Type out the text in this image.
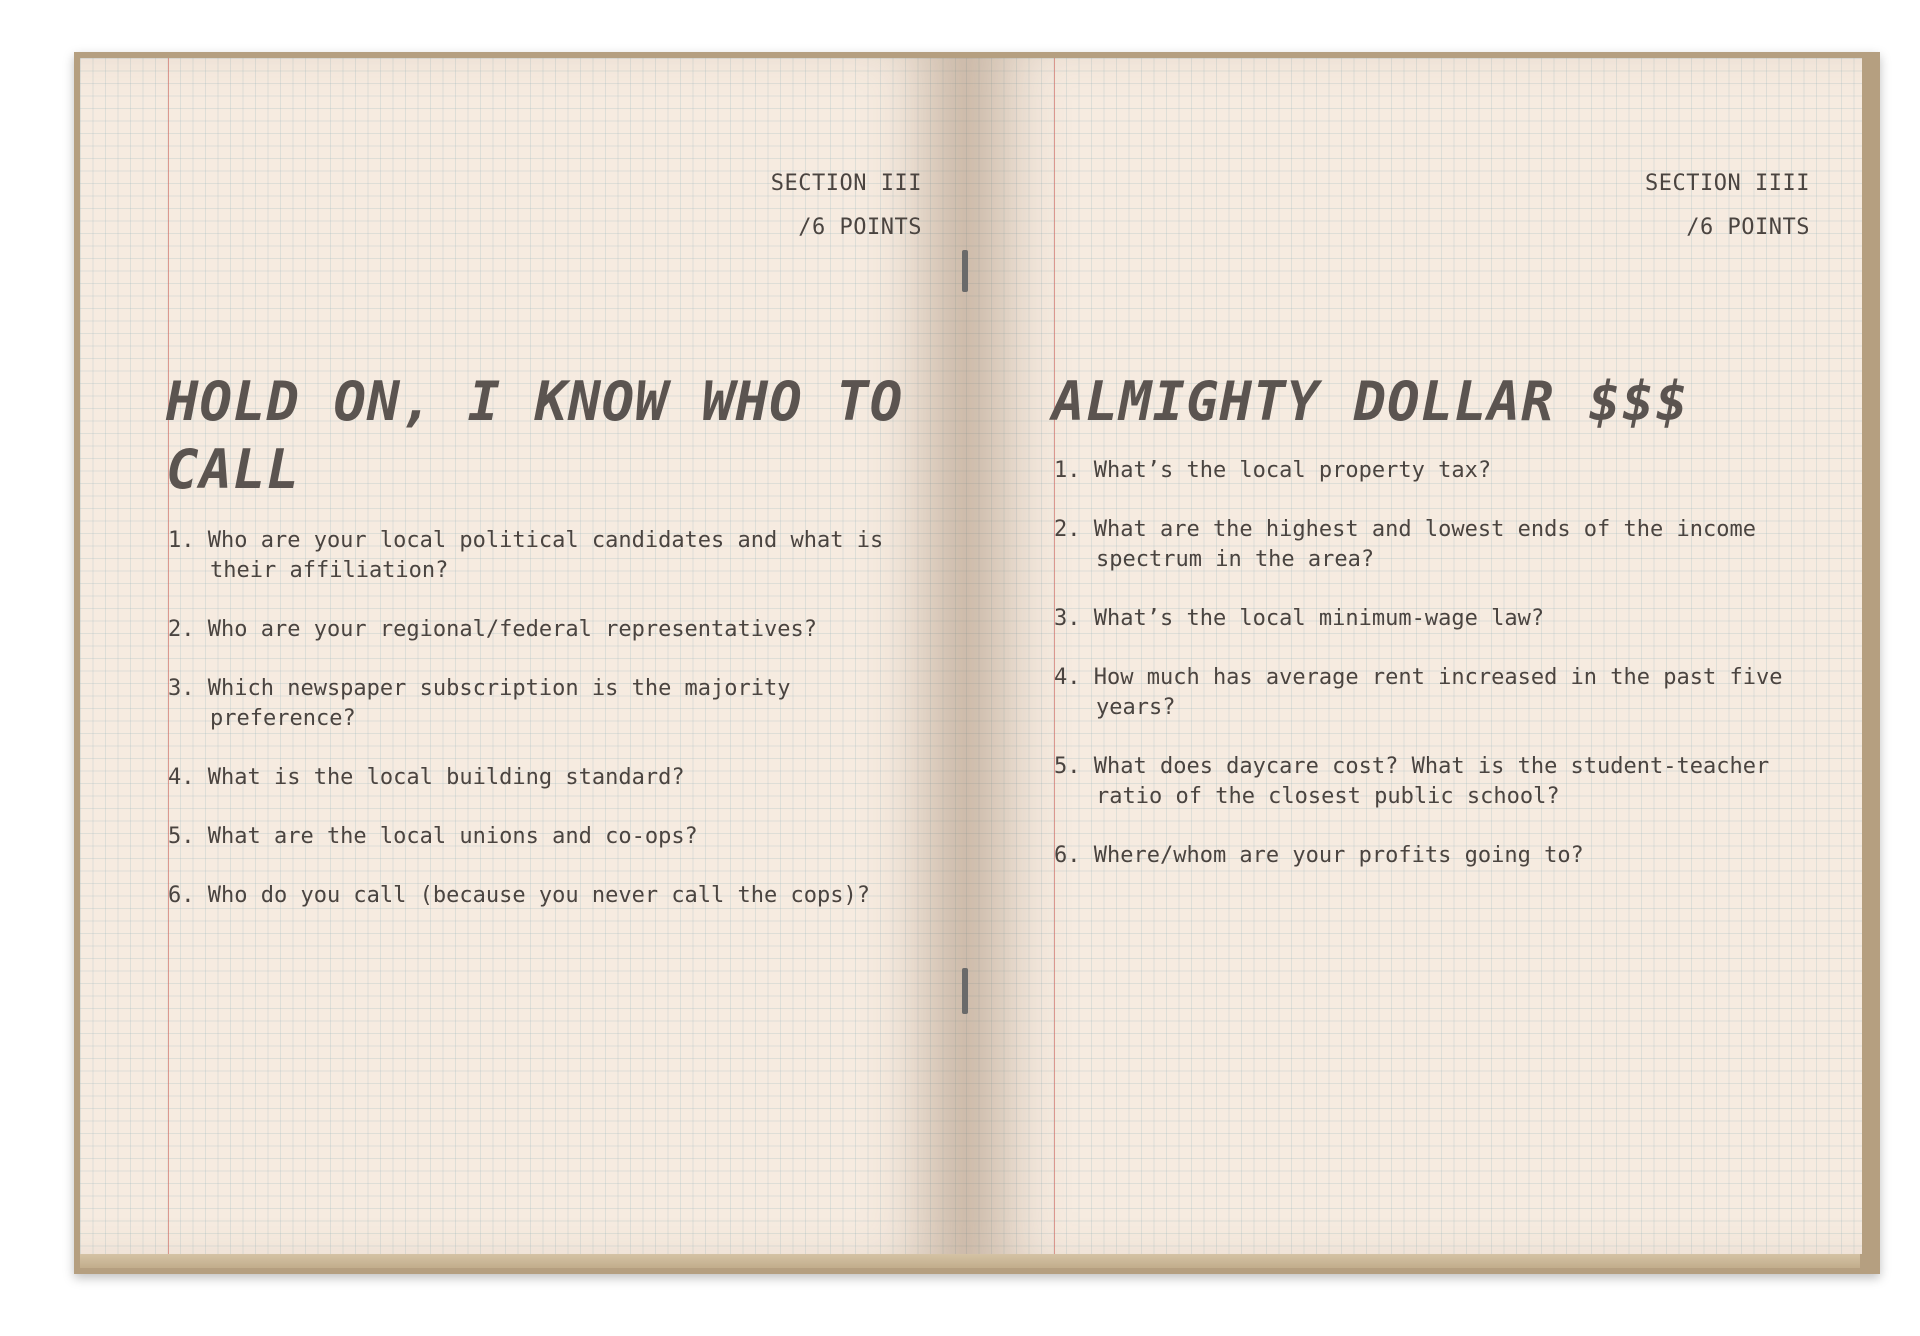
SECTION III
/6 POINTS
HOLD ON, I KNOW WHO TO CALL
1. Who are your local political candidates and what is their affiliation?
2. Who are your regional/federal representatives?
3. Which newspaper subscription is the majority preference?
4. What is the local building standard?
5. What are the local unions and co-ops?
6. Who do you call (because you never call the cops)?
SECTION IIII
/6 POINTS
ALMIGHTY DOLLAR $$$
1. What’s the local property tax?
2. What are the highest and lowest ends of the income spectrum in the area?
3. What’s the local minimum-wage law?
4. How much has average rent increased in the past five years?
5. What does daycare cost? What is the student-teacher ratio of the closest public school?
6. Where/whom are your profits going to?
